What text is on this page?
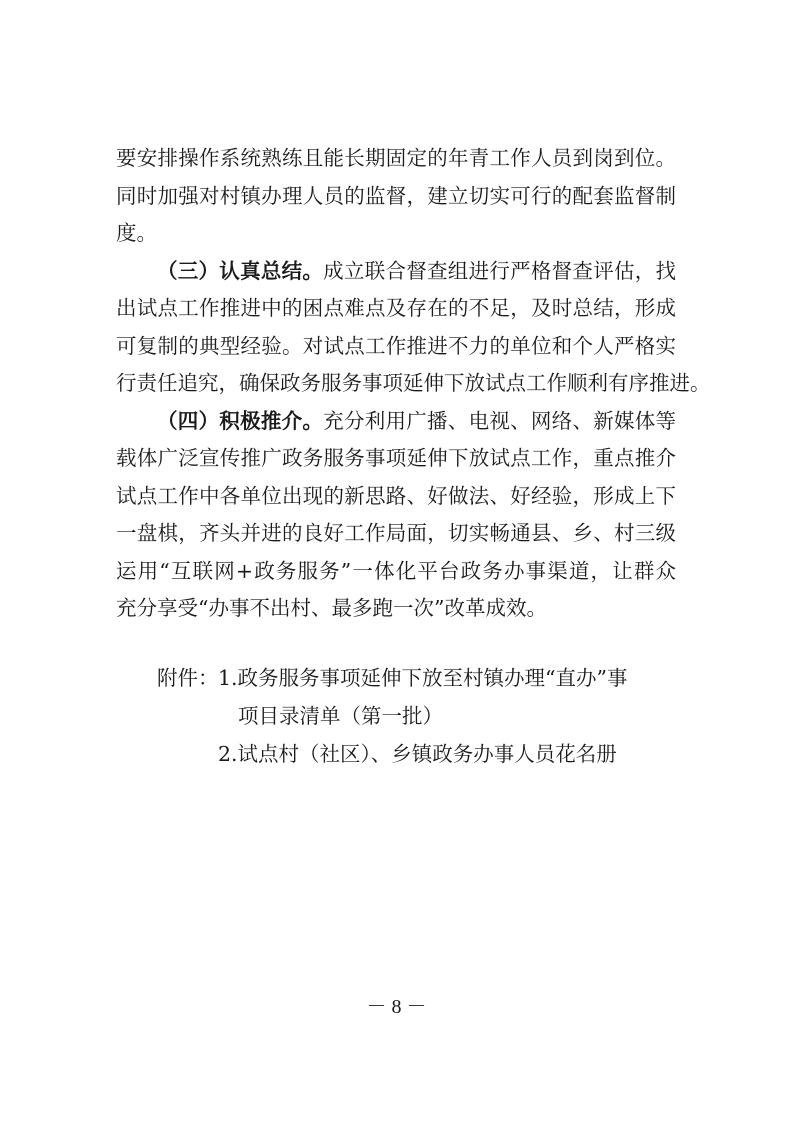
要安排操作系统熟练且能长期固定的年青工作人员到岗到位。
同时加强对村镇办理人员的监督，建立切实可行的配套监督制
度。
（三）认真总结。成立联合督查组进行严格督查评估，找
出试点工作推进中的困点难点及存在的不足，及时总结，形成
可复制的典型经验。对试点工作推进不力的单位和个人严格实
行责任追究，确保政务服务事项延伸下放试点工作顺利有序推进。
（四）积极推介。充分利用广播、电视、网络、新媒体等
载体广泛宣传推广政务服务事项延伸下放试点工作，重点推介
试点工作中各单位出现的新思路、好做法、好经验，形成上下
一盘棋，齐头并进的良好工作局面，切实畅通县、乡、村三级
运用“互联网+政务服务”一体化平台政务办事渠道，让群众
充分享受“办事不出村、最多跑一次”改革成效。
附件： 1.政务服务事项延伸下放至村镇办理“直办”事
项目录清单（第一批）
2.试点村（社区）、乡镇政务办事人员花名册
－ 8 －
